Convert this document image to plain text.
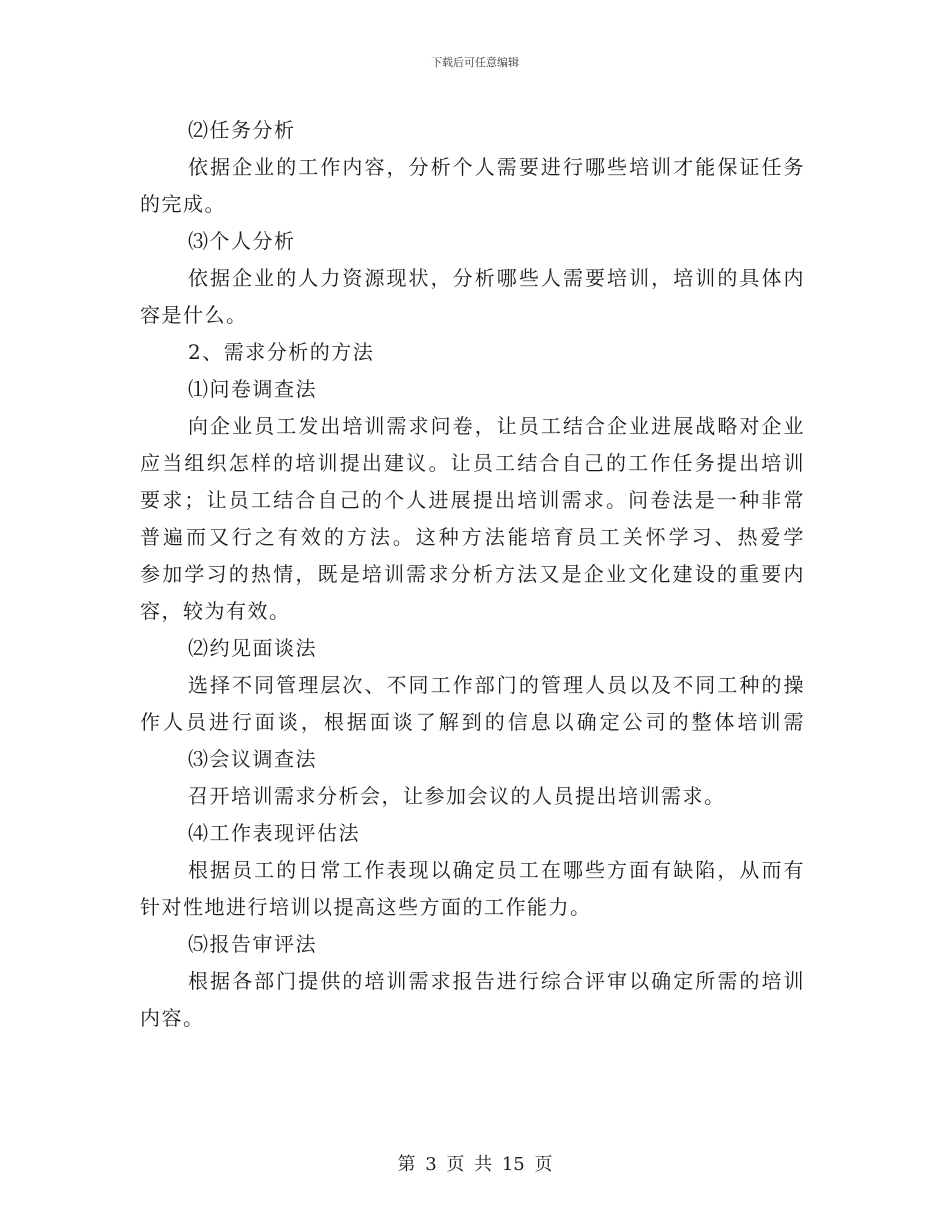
下载后可任意编辑
⑵任务分析
依据企业的工作内容，分析个人需要进行哪些培训才能保证任务
的完成。
⑶个人分析
依据企业的人力资源现状，分析哪些人需要培训，培训的具体内
容是什么。
2、需求分析的方法
⑴问卷调查法
向企业员工发出培训需求问卷，让员工结合企业进展战略对企业
应当组织怎样的培训提出建议。让员工结合自己的工作任务提出培训
要求；让员工结合自己的个人进展提出培训需求。问卷法是一种非常
普遍而又行之有效的方法。这种方法能培育员工关怀学习、热爱学
参加学习的热情，既是培训需求分析方法又是企业文化建设的重要内
容，较为有效。
⑵约见面谈法
选择不同管理层次、不同工作部门的管理人员以及不同工种的操
作人员进行面谈，根据面谈了解到的信息以确定公司的整体培训需
⑶会议调查法
召开培训需求分析会，让参加会议的人员提出培训需求。
⑷工作表现评估法
根据员工的日常工作表现以确定员工在哪些方面有缺陷，从而有
针对性地进行培训以提高这些方面的工作能力。
⑸报告审评法
根据各部门提供的培训需求报告进行综合评审以确定所需的培训
内容。
第 3 页 共 15 页
